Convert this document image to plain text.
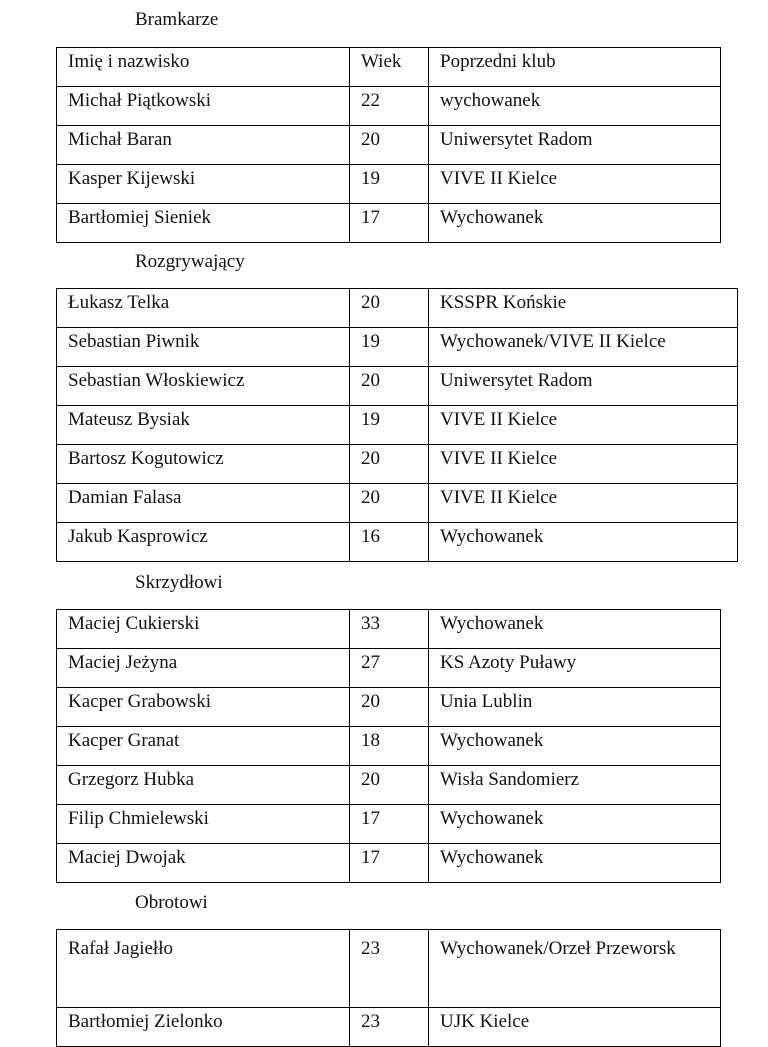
Bramkarze
Imię i nazwisko	Wiek	Poprzedni klub
Michał Piątkowski	22	wychowanek
Michał Baran	20	Uniwersytet Radom
Kasper Kijewski	19	VIVE II Kielce
Bartłomiej Sieniek	17	Wychowanek
Rozgrywający
Łukasz Telka	20	KSSPR Końskie
Sebastian Piwnik	19	Wychowanek/VIVE II Kielce
Sebastian Włoskiewicz	20	Uniwersytet Radom
Mateusz Bysiak	19	VIVE II Kielce
Bartosz Kogutowicz	20	VIVE II Kielce
Damian Falasa	20	VIVE II Kielce
Jakub Kasprowicz	16	Wychowanek
Skrzydłowi
Maciej Cukierski	33	Wychowanek
Maciej Jeżyna	27	KS Azoty Puławy
Kacper Grabowski	20	Unia Lublin
Kacper Granat	18	Wychowanek
Grzegorz Hubka	20	Wisła Sandomierz
Filip Chmielewski	17	Wychowanek
Maciej Dwojak	17	Wychowanek
Obrotowi
Rafał Jagiełło	23	Wychowanek/Orzeł Przeworsk
Bartłomiej Zielonko	23	UJK Kielce
